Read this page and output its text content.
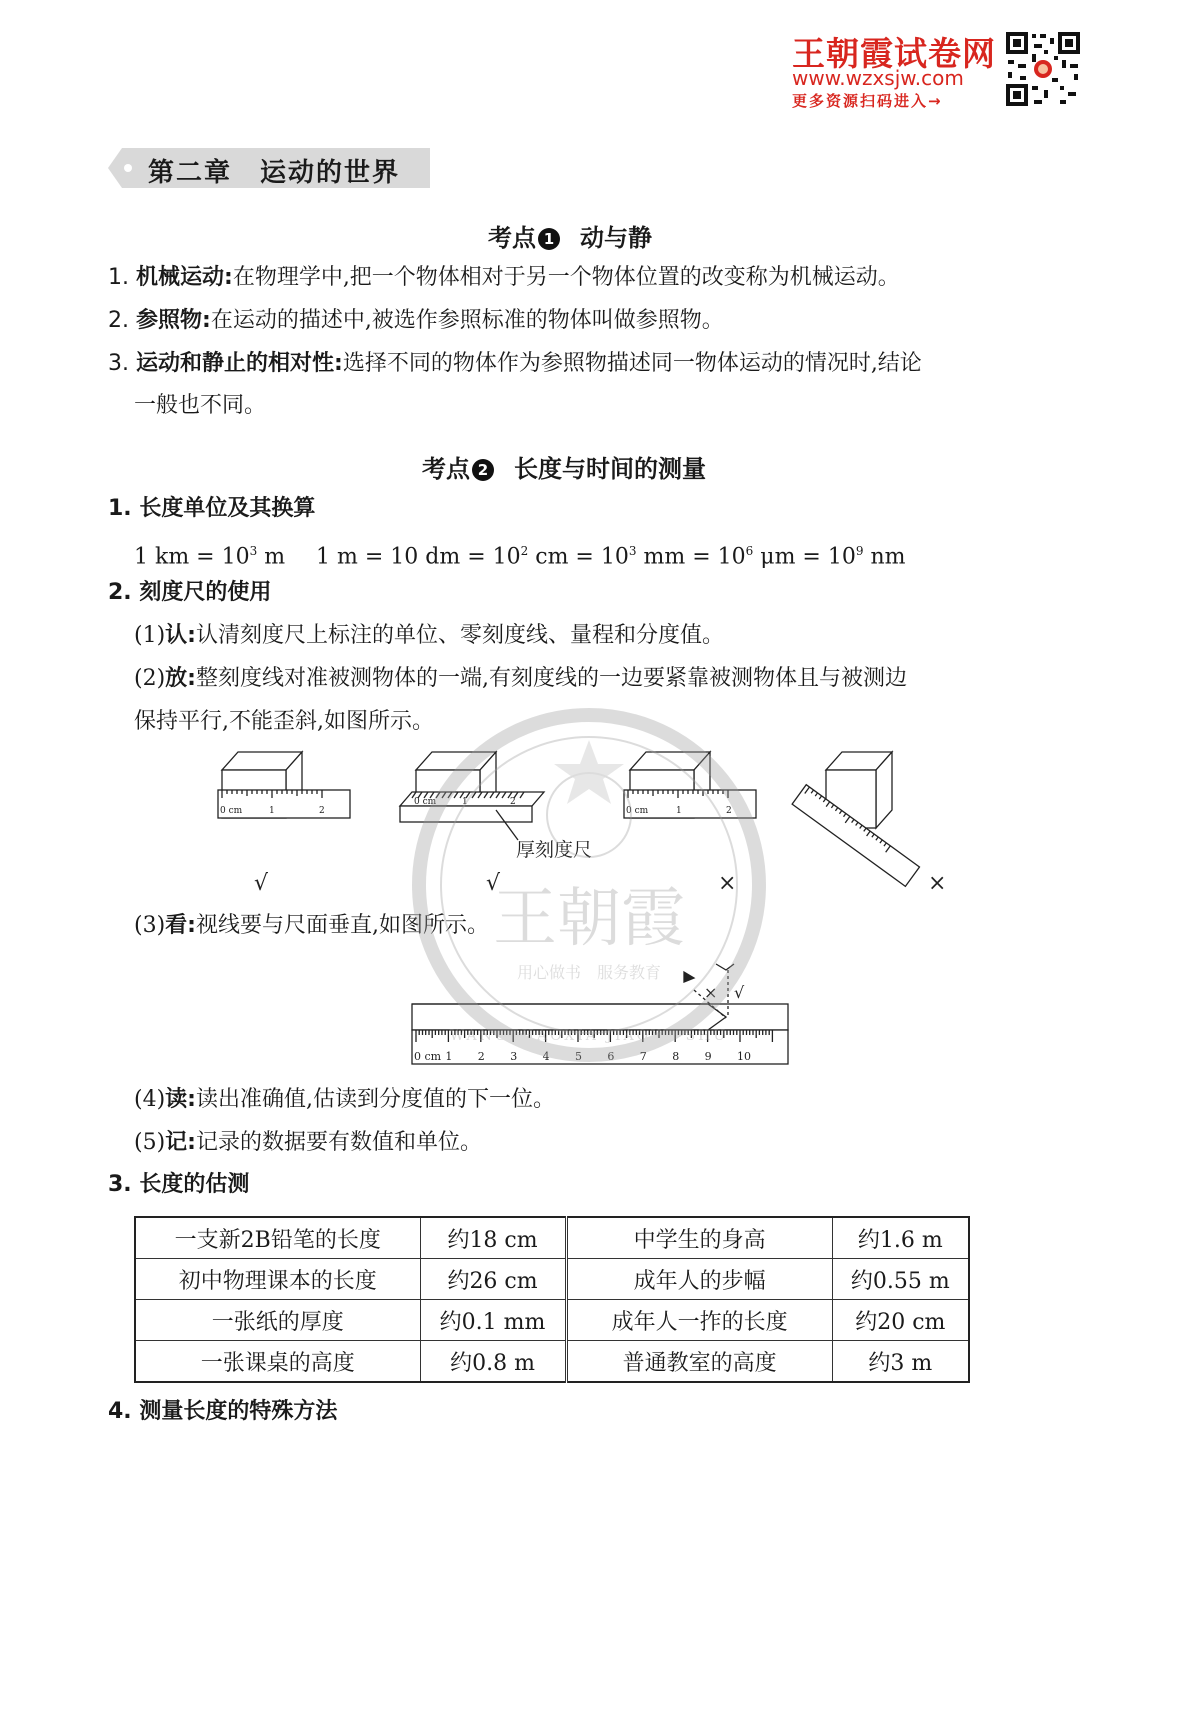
王朝霞试卷网
www.wzxsjw.com
更多资源扫码进入→
第二章　运动的世界
考点 1 动与静
1. 机械运动:在物理学中,把一个物体相对于另一个物体位置的改变称为机械运动。
2. 参照物:在运动的描述中,被选作参照标准的物体叫做参照物。
3. 运动和静止的相对性:选择不同的物体作为参照物描述同一物体运动的情况时,结论
一般也不同。
考点 2 长度与时间的测量
1. 长度单位及其换算
1 km = $10^3$ m 1 m = 10 dm = $10^2$ cm = $10^3$ mm = $10^6$ $\mu m = 10^9$ nm
2. 刻度尺的使用
(1)认:认清刻度尺上标注的单位、零刻度线、量程和分度值。
(2)放:整刻度线对准被测物体的一端,有刻度线的一边要紧靠被测物体且与被测边
保持平行,不能歪斜,如图所示。
0 cm	1	2
0 cm	1	2
0 cm	1	2
厚刻度尺
√	√	×	×
(3)看:视线要与尺面垂直,如图所示。
0 cm 1 2 3 4 5 6 7 8 9 10
× √
(4)读:读出准确值,估读到分度值的下一位。
(5)记:记录的数据要有数值和单位。
3. 长度的估测
一支新2B铅笔的长度	约18 cm	中学生的身高	约1.6 m
初中物理课本的长度	约26 cm	成年人的步幅	约0.55 m
一张纸的厚度	约0.1 mm	成年人一拃的长度	约20 cm
一张课桌的高度	约0.8 m	普通教室的高度	约3 m
4. 测量长度的特殊方法
王朝霞
用心做书　服务教育
WANGZHAOXIA JIAOYU SHU
